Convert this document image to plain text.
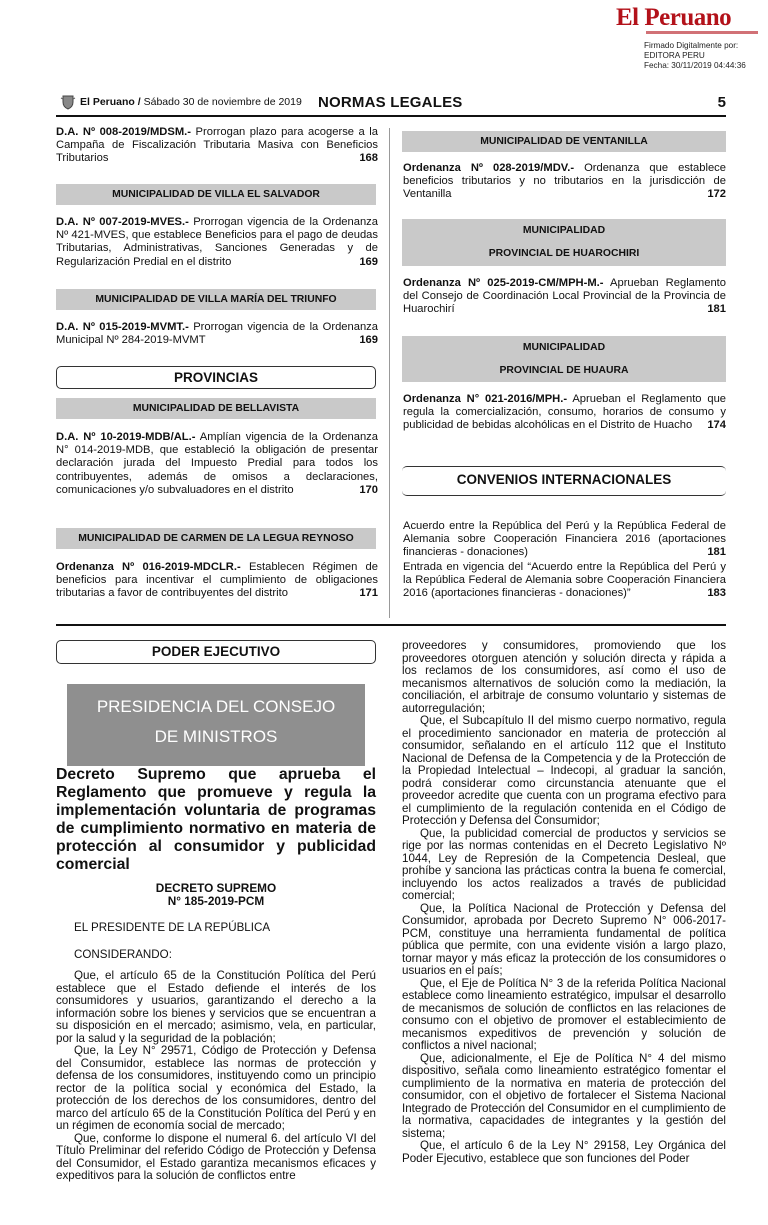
El Peruano
Firmado Digitalmente por:
EDITORA PERU
Fecha: 30/11/2019 04:44:36
El Peruano / Sábado 30 de noviembre de 2019 NORMAS LEGALES	5
D.A. Nº 008-2019/MDSM.- Prorrogan plazo para acogerse a la Campaña de Fiscalización Tributaria Masiva con Beneficios Tributarios	168
MUNICIPALIDAD DE VILLA EL SALVADOR
D.A. Nº 007-2019-MVES.- Prorrogan vigencia de la Ordenanza Nº 421-MVES, que establece Beneficios para el pago de deudas Tributarias, Administrativas, Sanciones Generadas y de Regularización Predial en el distrito	169
MUNICIPALIDAD DE VILLA MARÍA DEL TRIUNFO
D.A. Nº 015-2019-MVMT.- Prorrogan vigencia de la Ordenanza Municipal Nº 284-2019-MVMT	169
PROVINCIAS
MUNICIPALIDAD DE BELLAVISTA
D.A. Nº 10-2019-MDB/AL.- Amplían vigencia de la Ordenanza N° 014-2019-MDB, que estableció la obligación de presentar declaración jurada del Impuesto Predial para todos los contribuyentes, además de omisos a declaraciones, comunicaciones y/o subvaluadores en el distrito	170
MUNICIPALIDAD DE CARMEN DE LA LEGUA REYNOSO
Ordenanza Nº 016-2019-MDCLR.- Establecen Régimen de beneficios para incentivar el cumplimiento de obligaciones tributarias a favor de contribuyentes del distrito	171
MUNICIPALIDAD DE VENTANILLA
Ordenanza Nº 028-2019/MDV.- Ordenanza que establece beneficios tributarios y no tributarios en la jurisdicción de Ventanilla	172
MUNICIPALIDAD
PROVINCIAL DE HUAROCHIRI
Ordenanza Nº 025-2019-CM/MPH-M.- Aprueban Reglamento del Consejo de Coordinación Local Provincial de la Provincia de Huarochirí	181
MUNICIPALIDAD
PROVINCIAL DE HUAURA
Ordenanza N° 021-2016/MPH.- Aprueban el Reglamento que regula la comercialización, consumo, horarios de consumo y publicidad de bebidas alcohólicas en el Distrito de Huacho	174
CONVENIOS INTERNACIONALES
Acuerdo entre la República del Perú y la República Federal de Alemania sobre Cooperación Financiera 2016 (aportaciones financieras - donaciones)	181
Entrada en vigencia del “Acuerdo entre la República del Perú y la República Federal de Alemania sobre Cooperación Financiera 2016 (aportaciones financieras - donaciones)”	183
PODER EJECUTIVO
PRESIDENCIA DEL CONSEJO
DE MINISTROS
Decreto Supremo que aprueba el Reglamento que promueve y regula la implementación voluntaria de programas de cumplimiento normativo en materia de protección al consumidor y publicidad comercial
DECRETO SUPREMO
N° 185-2019-PCM
EL PRESIDENTE DE LA REPÚBLICA
CONSIDERANDO:

Que, el artículo 65 de la Constitución Política del Perú establece que el Estado defiende el interés de los consumidores y usuarios, garantizando el derecho a la información sobre los bienes y servicios que se encuentran a su disposición en el mercado; asimismo, vela, en particular, por la salud y la seguridad de la población;

Que, la Ley N° 29571, Código de Protección y Defensa del Consumidor, establece las normas de protección y defensa de los consumidores, instituyendo como un principio rector de la política social y económica del Estado, la protección de los derechos de los consumidores, dentro del marco del artículo 65 de la Constitución Política del Perú y en un régimen de economía social de mercado;

Que, conforme lo dispone el numeral 6. del artículo VI del Título Preliminar del referido Código de Protección y Defensa del Consumidor, el Estado garantiza mecanismos eficaces y expeditivos para la solución de conflictos entre

proveedores y consumidores, promoviendo que los proveedores otorguen atención y solución directa y rápida a los reclamos de los consumidores, así como el uso de mecanismos alternativos de solución como la mediación, la conciliación, el arbitraje de consumo voluntario y sistemas de autorregulación;

Que, el Subcapítulo II del mismo cuerpo normativo, regula el procedimiento sancionador en materia de protección al consumidor, señalando en el artículo 112 que el Instituto Nacional de Defensa de la Competencia y de la Protección de la Propiedad Intelectual – Indecopi, al graduar la sanción, podrá considerar como circunstancia atenuante que el proveedor acredite que cuenta con un programa efectivo para el cumplimiento de la regulación contenida en el Código de Protección y Defensa del Consumidor;

Que, la publicidad comercial de productos y servicios se rige por las normas contenidas en el Decreto Legislativo Nº 1044, Ley de Represión de la Competencia Desleal, que prohíbe y sanciona las prácticas contra la buena fe comercial, incluyendo los actos realizados a través de publicidad comercial;

Que, la Política Nacional de Protección y Defensa del Consumidor, aprobada por Decreto Supremo N° 006-2017-PCM, constituye una herramienta fundamental de política pública que permite, con una evidente visión a largo plazo, tornar mayor y más eficaz la protección de los consumidores o usuarios en el país;

Que, el Eje de Política N° 3 de la referida Política Nacional establece como lineamiento estratégico, impulsar el desarrollo de mecanismos de solución de conflictos en las relaciones de consumo con el objetivo de promover el establecimiento de mecanismos expeditivos de prevención y solución de conflictos a nivel nacional;

Que, adicionalmente, el Eje de Política N° 4 del mismo dispositivo, señala como lineamiento estratégico fomentar el cumplimiento de la normativa en materia de protección del consumidor, con el objetivo de fortalecer el Sistema Nacional Integrado de Protección del Consumidor en el cumplimiento de la normativa, capacidades de integrantes y la gestión del sistema;

Que, el artículo 6 de la Ley N° 29158, Ley Orgánica del Poder Ejecutivo, establece que son funciones del Poder
